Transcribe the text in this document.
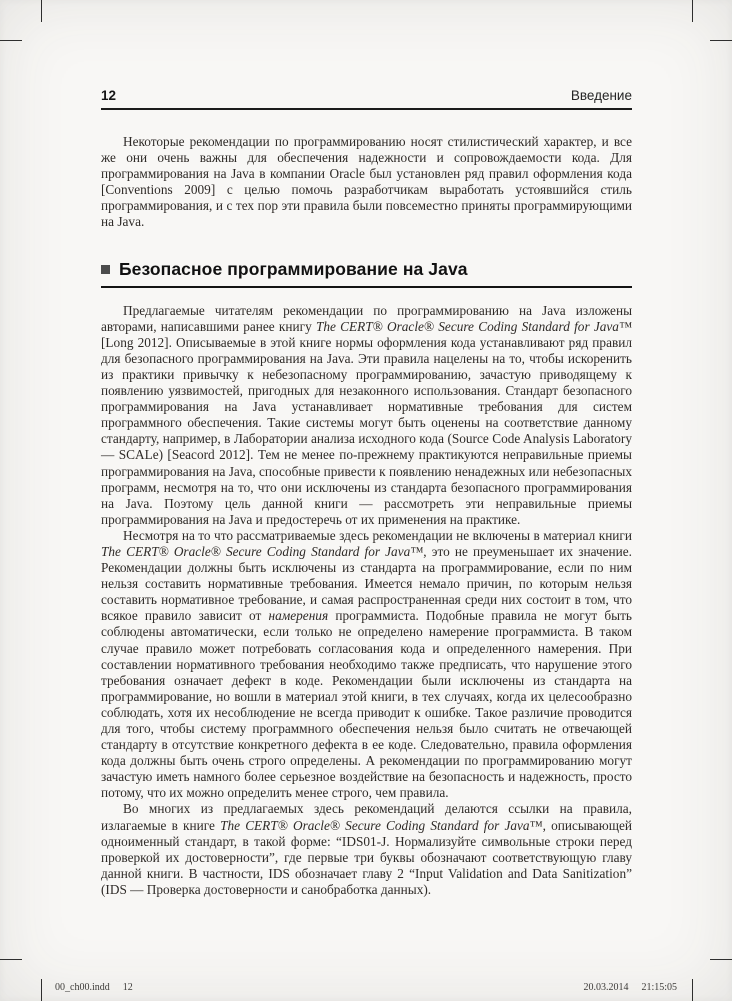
12	Введение

Некоторые рекомендации по программированию носят стилистический характер, и все же они очень важны для обеспечения надежности и сопровождаемости кода. Для программирования на Java в компании Oracle был установлен ряд правил оформления кода [Conventions 2009] с целью помочь разработчикам выработать устоявшийся стиль программирования, и с тех пор эти правила были повсеместно приняты программирующими на Java.

Безопасное программирование на Java

Предлагаемые читателям рекомендации по программированию на Java изложены авторами, написавшими ранее книгу The CERT® Oracle® Secure Coding Standard for Java™ [Long 2012]. Описываемые в этой книге нормы оформления кода устанавливают ряд правил для безопасного программирования на Java. Эти правила нацелены на то, чтобы искоренить из практики привычку к небезопасному программированию, зачастую приводящему к появлению уязвимостей, пригодных для незаконного использования. Стандарт безопасного программирования на Java устанавливает нормативные требования для систем программного обеспечения. Такие системы могут быть оценены на соответствие данному стандарту, например, в Лаборатории анализа исходного кода (Source Code Analysis Laboratory — SCALe) [Seacord 2012]. Тем не менее по-прежнему практикуются неправильные приемы программирования на Java, способные привести к появлению ненадежных или небезопасных программ, несмотря на то, что они исключены из стандарта безопасного программирования на Java. Поэтому цель данной книги — рассмотреть эти неправильные приемы программирования на Java и предостеречь от их применения на практике.

Несмотря на то что рассматриваемые здесь рекомендации не включены в материал книги The CERT® Oracle® Secure Coding Standard for Java™, это не преуменьшает их значение. Рекомендации должны быть исключены из стандарта на программирование, если по ним нельзя составить нормативные требования. Имеется немало причин, по которым нельзя составить нормативное требование, и самая распространенная среди них состоит в том, что всякое правило зависит от намерения программиста. Подобные правила не могут быть соблюдены автоматически, если только не определено намерение программиста. В таком случае правило может потребовать согласования кода и определенного намерения. При составлении нормативного требования необходимо также предписать, что нарушение этого требования означает дефект в коде. Рекомендации были исключены из стандарта на программирование, но вошли в материал этой книги, в тех случаях, когда их целесообразно соблюдать, хотя их несоблюдение не всегда приводит к ошибке. Такое различие проводится для того, чтобы систему программного обеспечения нельзя было считать не отвечающей стандарту в отсутствие конкретного дефекта в ее коде. Следовательно, правила оформления кода должны быть очень строго определены. А рекомендации по программированию могут зачастую иметь намного более серьезное воздействие на безопасность и надежность, просто потому, что их можно определить менее строго, чем правила.

Во многих из предлагаемых здесь рекомендаций делаются ссылки на правила, излагаемые в книге The CERT® Oracle® Secure Coding Standard for Java™, описывающей одноименный стандарт, в такой форме: “IDS01-J. Нормализуйте символьные строки перед проверкой их достоверности”, где первые три буквы обозначают соответствующую главу данной книги. В частности, IDS обозначает главу 2 “Input Validation and Data Sanitization” (IDS — Проверка достоверности и санобработка данных).

00_ch00.indd 12	20.03.2014 21:15:05
